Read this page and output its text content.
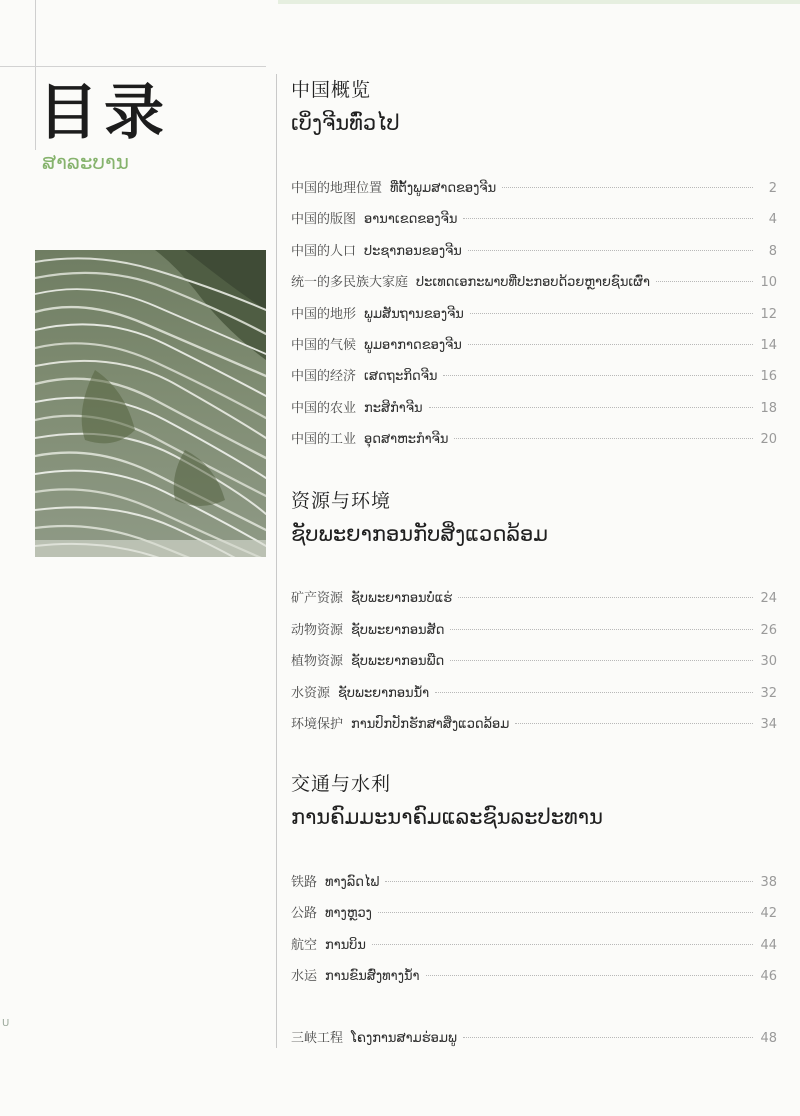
U
目录
ສາລະບານ
中国概览
ເບິ່ງຈີນທົ່ວໄປ
中国的地理位置 ທີ່ຕັ້ງພູມສາດຂອງຈີນ	2
中国的版图 ອານາເຂດຂອງຈີນ	4
中国的人口 ປະຊາກອນຂອງຈີນ	8
统一的多民族大家庭 ປະເທດເອກະພາບທີ່ປະກອບດ້ວຍຫຼາຍຊົນເຜົ່າ	10
中国的地形 ພູມສັນຖານຂອງຈີນ	12
中国的气候 ພູມອາກາດຂອງຈີນ	14
中国的经济 ເສດຖະກິດຈີນ	16
中国的农业 ກະສິກຳຈີນ	18
中国的工业 ອຸດສາຫະກຳຈີນ	20
资源与环境
ຊັບພະຍາກອນກັບສິ່ງແວດລ້ອມ
矿产资源 ຊັບພະຍາກອນບໍ່ແຮ່	24
动物资源 ຊັບພະຍາກອນສັດ	26
植物资源 ຊັບພະຍາກອນພືດ	30
水资源 ຊັບພະຍາກອນນ້ຳ	32
环境保护 ການປົກປັກຮັກສາສິ່ງແວດລ້ອມ	34
交通与水利
ການຄົມມະນາຄົມແລະຊົນລະປະທານ
铁路 ທາງລົດໄຟ	38
公路 ທາງຫຼວງ	42
航空 ການບິນ	44
水运 ການຂົນສົ່ງທາງນ້ຳ	46
三峡工程 ໂຄງການສາມຮ່ອມພູ	48
